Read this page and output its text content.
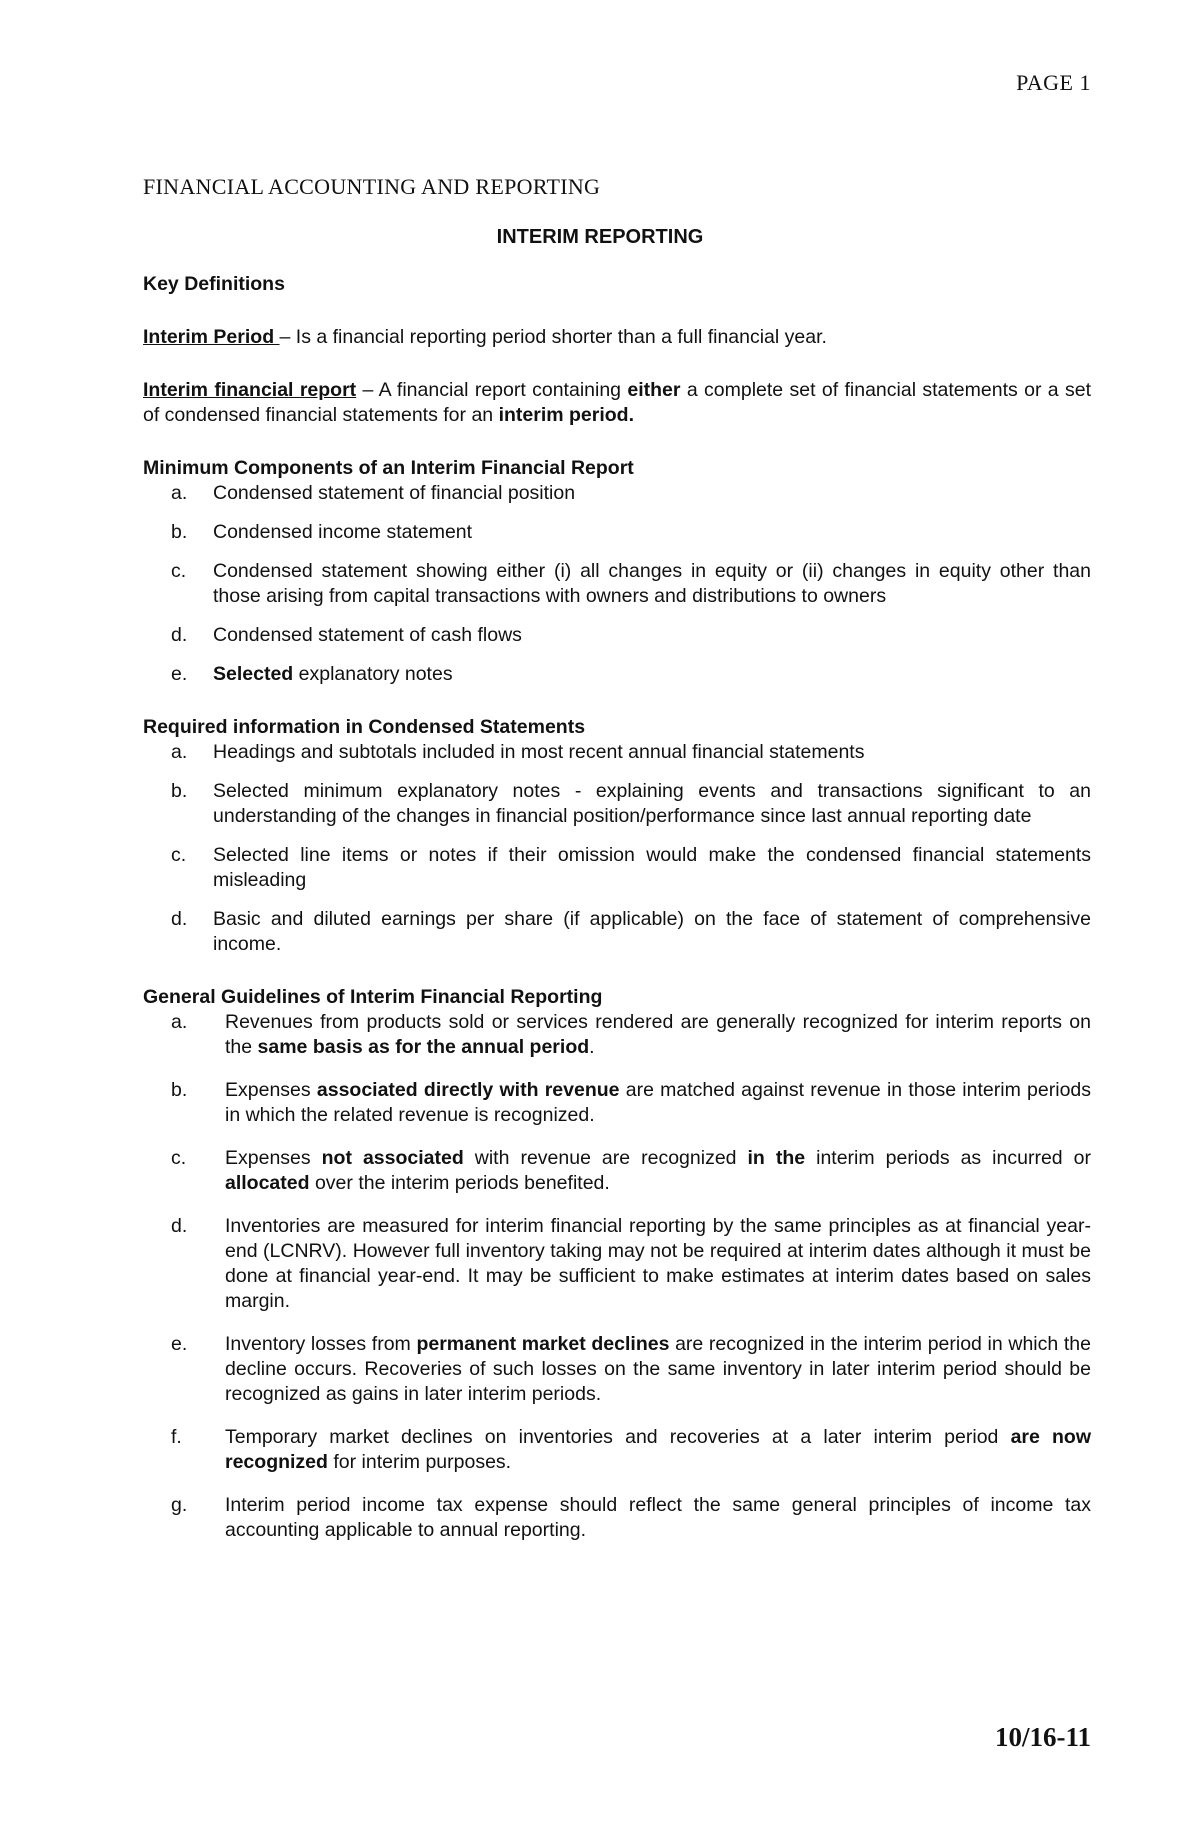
PAGE 1
FINANCIAL ACCOUNTING AND REPORTING
INTERIM REPORTING

Key Definitions

Interim Period – Is a financial reporting period shorter than a full financial year.

Interim financial report – A financial report containing either a complete set of financial statements or a set of condensed financial statements for an interim period.

Minimum Components of an Interim Financial Report

a.	Condensed statement of financial position
b.	Condensed income statement
c.	Condensed statement showing either (i) all changes in equity or (ii) changes in equity other than those arising from capital transactions with owners and distributions to owners
d.	Condensed statement of cash flows
e.	Selected explanatory notes

Required information in Condensed Statements

a.	Headings and subtotals included in most recent annual financial statements
b.	Selected minimum explanatory notes - explaining events and transactions significant to an understanding of the changes in financial position/performance since last annual reporting date
c.	Selected line items or notes if their omission would make the condensed financial statements misleading
d.	Basic and diluted earnings per share (if applicable) on the face of statement of comprehensive income.

General Guidelines of Interim Financial Reporting

a.	Revenues from products sold or services rendered are generally recognized for interim reports on the same basis as for the annual period.
b.	Expenses associated directly with revenue are matched against revenue in those interim periods in which the related revenue is recognized.
c.	Expenses not associated with revenue are recognized in the interim periods as incurred or allocated over the interim periods benefited.
d.	Inventories are measured for interim financial reporting by the same principles as at financial year-end (LCNRV). However full inventory taking may not be required at interim dates although it must be done at financial year-end. It may be sufficient to make estimates at interim dates based on sales margin.
e.	Inventory losses from permanent market declines are recognized in the interim period in which the decline occurs. Recoveries of such losses on the same inventory in later interim period should be recognized as gains in later interim periods.
f.	Temporary market declines on inventories and recoveries at a later interim period are now recognized for interim purposes.
g.	Interim period income tax expense should reflect the same general principles of income tax accounting applicable to annual reporting.
10/16-11
